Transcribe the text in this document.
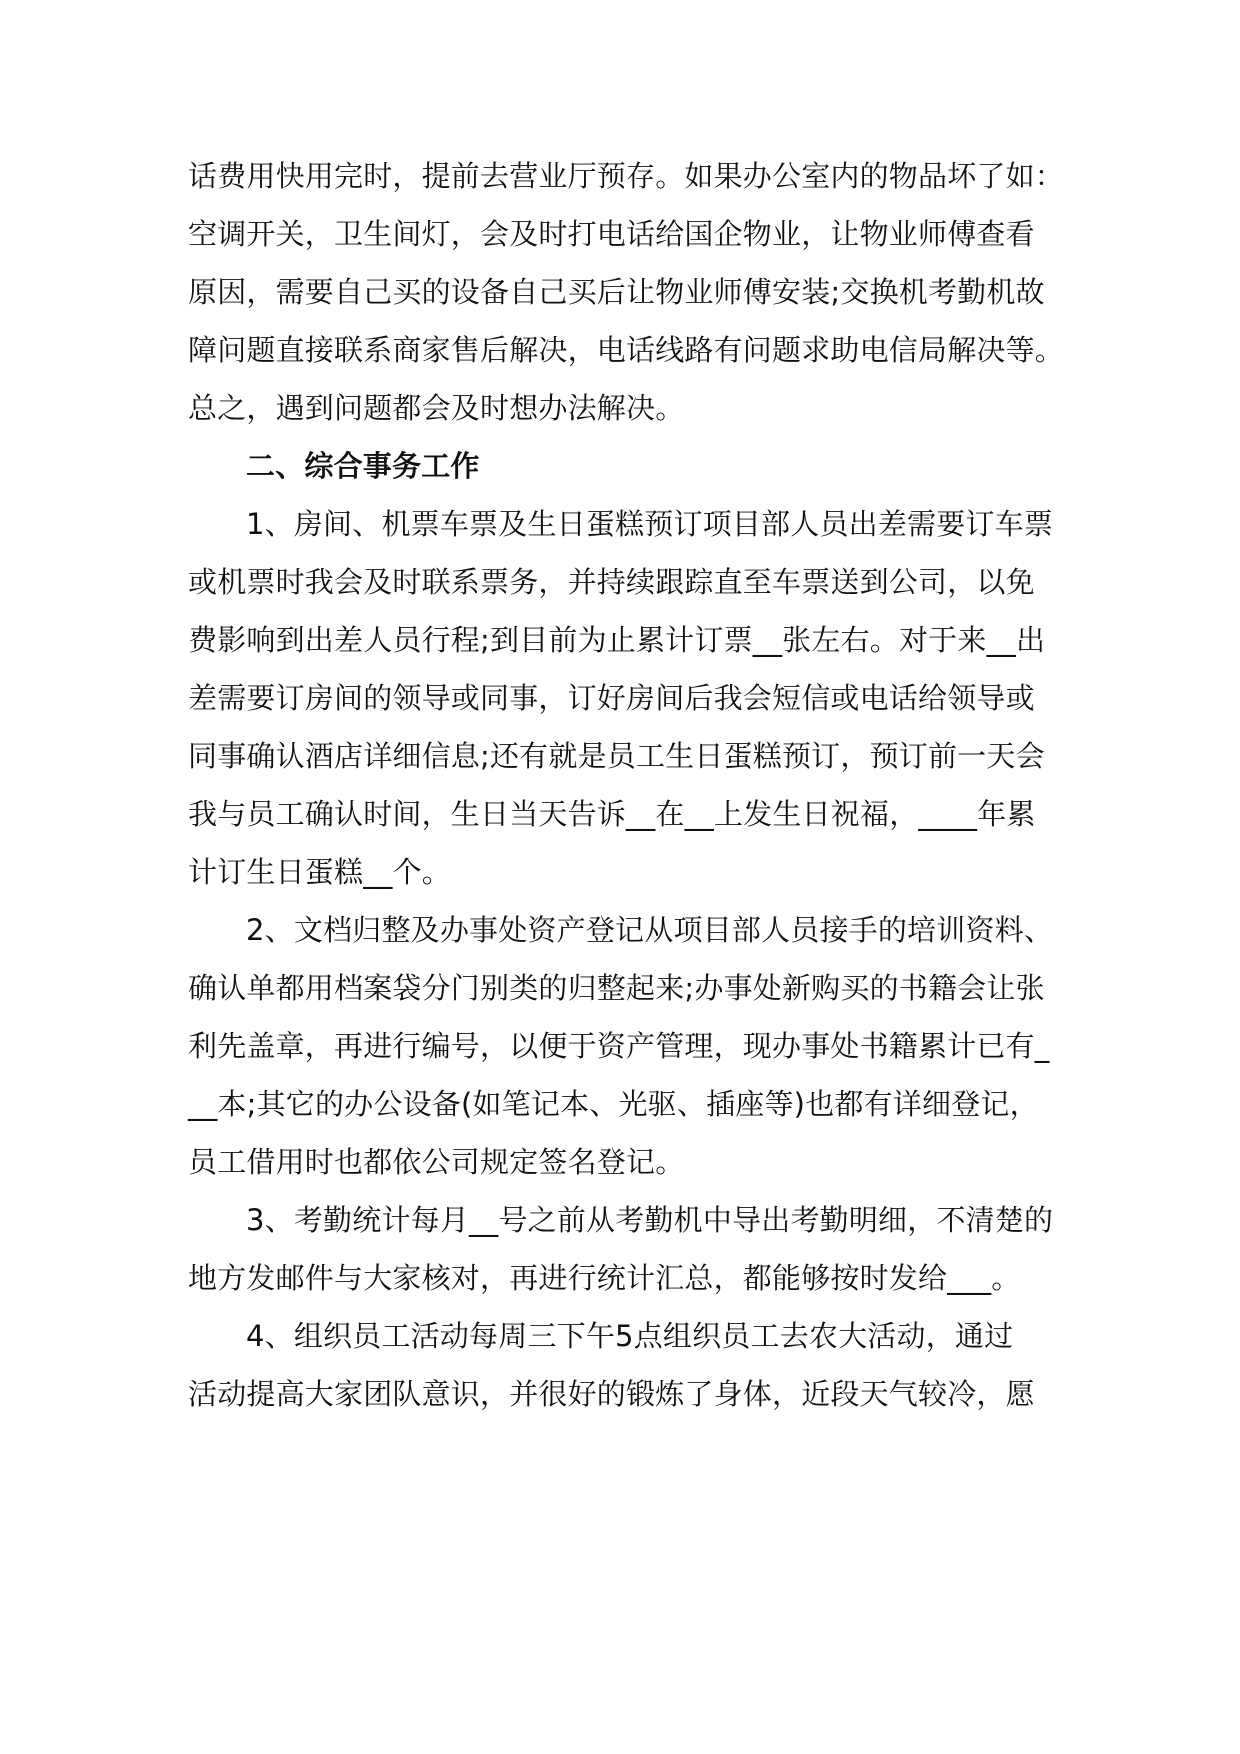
话费用快用完时，提前去营业厅预存。如果办公室内的物品坏了如：
空调开关，卫生间灯，会及时打电话给国企物业，让物业师傅查看
原因，需要自己买的设备自己买后让物业师傅安装;交换机考勤机故
障问题直接联系商家售后解决，电话线路有问题求助电信局解决等。
总之，遇到问题都会及时想办法解决。
二、综合事务工作
1、房间、机票车票及生日蛋糕预订项目部人员出差需要订车票
或机票时我会及时联系票务，并持续跟踪直至车票送到公司，以免
费影响到出差人员行程;到目前为止累计订票__张左右。对于来__出
差需要订房间的领导或同事，订好房间后我会短信或电话给领导或
同事确认酒店详细信息;还有就是员工生日蛋糕预订，预订前一天会
我与员工确认时间，生日当天告诉__在__上发生日祝福，____年累
计订生日蛋糕__个。
2、文档归整及办事处资产登记从项目部人员接手的培训资料、
确认单都用档案袋分门别类的归整起来;办事处新购买的书籍会让张
利先盖章，再进行编号，以便于资产管理，现办事处书籍累计已有_
__本;其它的办公设备(如笔记本、光驱、插座等)也都有详细登记，
员工借用时也都依公司规定签名登记。
3、考勤统计每月__号之前从考勤机中导出考勤明细，不清楚的
地方发邮件与大家核对，再进行统计汇总，都能够按时发给___。
4、组织员工活动每周三下午5点组织员工去农大活动，通过
活动提高大家团队意识，并很好的锻炼了身体，近段天气较冷，愿
